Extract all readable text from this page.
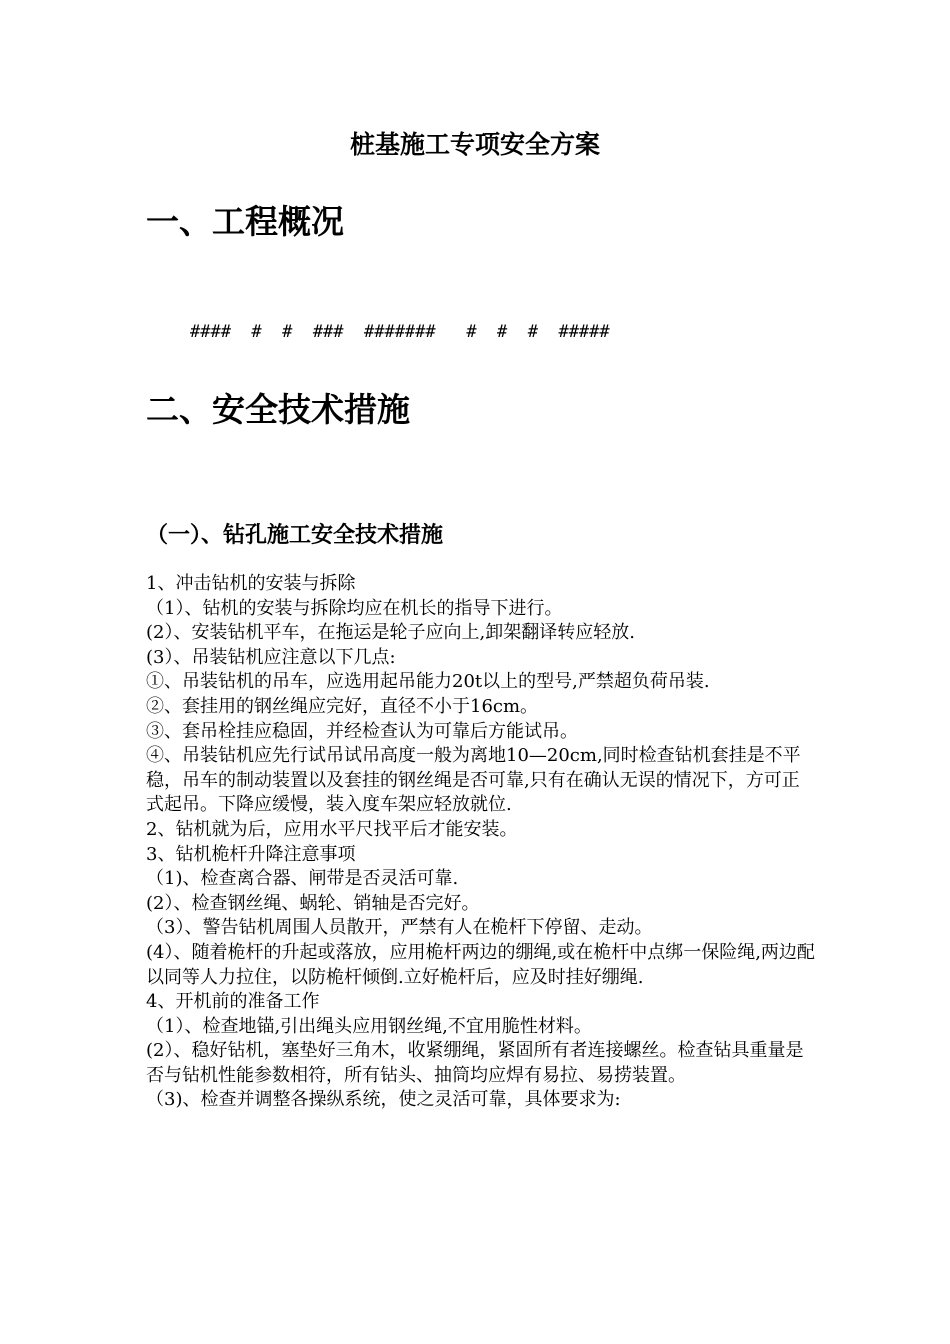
桩基施工专项安全方案
一、工程概况

####  #  #  ###  #######   #  #  #  #####

二、安全技术措施
（一）、钻孔施工安全技术措施
1、冲击钻机的安装与拆除
（1）、钻机的安装与拆除均应在机长的指导下进行。
(2）、安装钻机平车，在拖运是轮子应向上,卸架翻译转应轻放.
(3）、吊装钻机应注意以下几点:
①、吊装钻机的吊车，应选用起吊能力20t以上的型号,严禁超负荷吊装.
②、套挂用的钢丝绳应完好，直径不小于16cm。
③、套吊栓挂应稳固，并经检查认为可靠后方能试吊。
④、吊装钻机应先行试吊试吊高度一般为离地10—20cm,同时检查钻机套挂是不平稳，吊车的制动装置以及套挂的钢丝绳是否可靠,只有在确认无误的情况下，方可正式起吊。下降应缓慢，装入度车架应轻放就位.
2、钻机就为后，应用水平尺找平后才能安装。
3、钻机桅杆升降注意事项
（1)、检查离合器、闸带是否灵活可靠.
(2）、检查钢丝绳、蜗轮、销轴是否完好。
（3）、警告钻机周围人员散开，严禁有人在桅杆下停留、走动。
(4）、随着桅杆的升起或落放，应用桅杆两边的绷绳,或在桅杆中点绑一保险绳,两边配以同等人力拉住，以防桅杆倾倒.立好桅杆后，应及时挂好绷绳.
4、开机前的准备工作
（1）、检查地锚,引出绳头应用钢丝绳,不宜用脆性材料。
(2）、稳好钻机，塞垫好三角木，收紧绷绳，紧固所有者连接螺丝。检查钻具重量是否与钻机性能参数相符，所有钻头、抽筒均应焊有易拉、易捞装置。
（3)、检查并调整各操纵系统，使之灵活可靠，具体要求为:
